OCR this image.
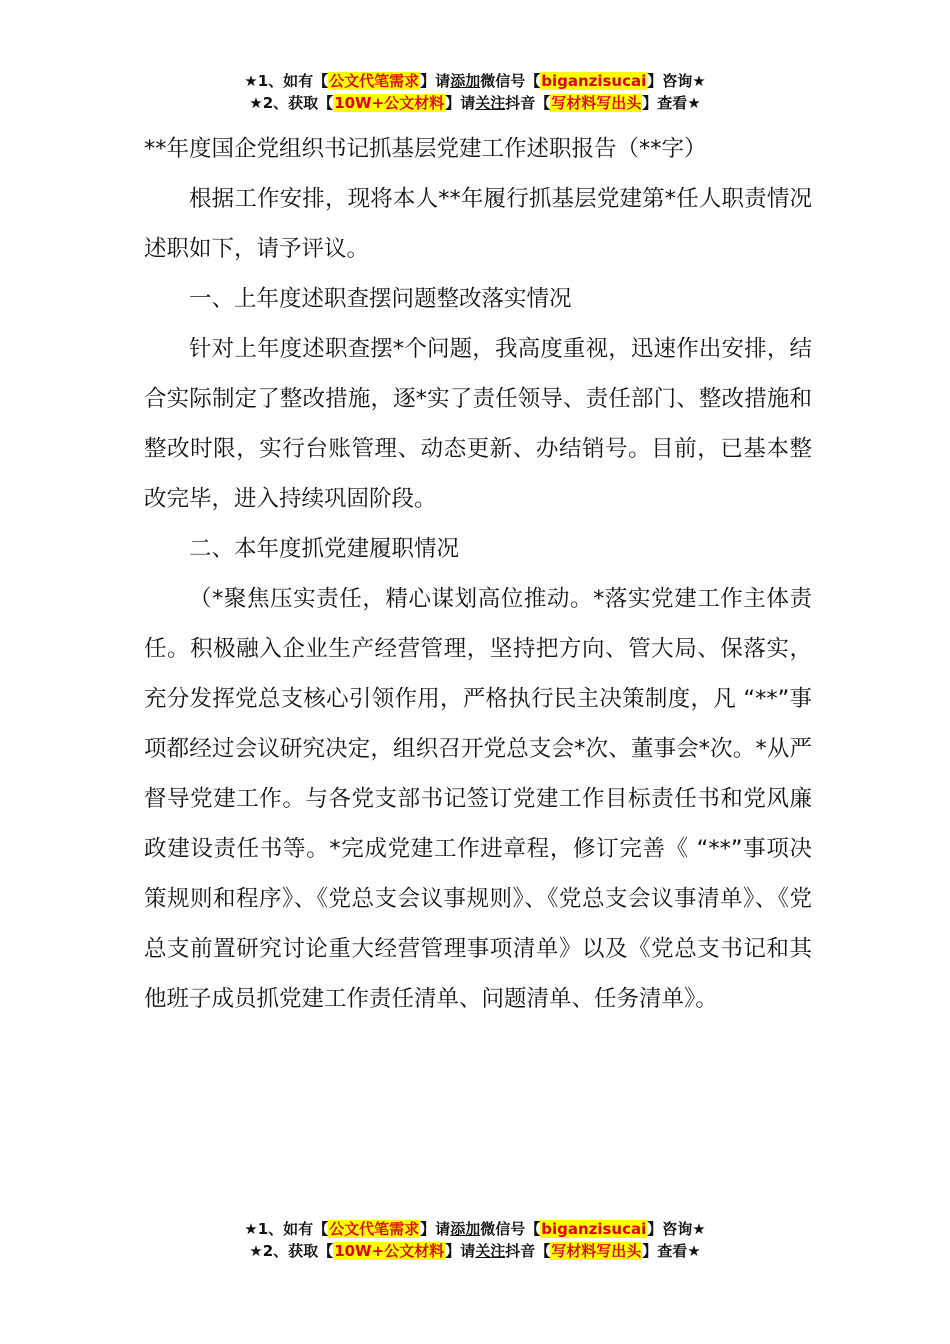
★1、如有【公文代笔需求】请添加微信号【biganzisucai】咨询★
★2、获取【10W+公文材料】请关注抖音【写材料写出头】查看★

**年度国企党组织书记抓基层党建工作述职报告（**字）

根据工作安排，现将本人**年履行抓基层党建第*任人职责情况述职如下，请予评议。

一、上年度述职查摆问题整改落实情况

针对上年度述职查摆*个问题，我高度重视，迅速作出安排，结合实际制定了整改措施，逐*实了责任领导、责任部门、整改措施和整改时限，实行台账管理、动态更新、办结销号。目前，已基本整改完毕，进入持续巩固阶段。

二、本年度抓党建履职情况

（*聚焦压实责任，精心谋划高位推动。*落实党建工作主体责任。积极融入企业生产经营管理，坚持把方向、管大局、保落实，充分发挥党总支核心引领作用，严格执行民主决策制度，凡 “**”事项都经过会议研究决定，组织召开党总支会*次、董事会*次。*从严督导党建工作。与各党支部书记签订党建工作目标责任书和党风廉政建设责任书等。*完成党建工作进章程，修订完善《 “**”事项决策规则和程序》、《党总支会议事规则》、《党总支会议事清单》、《党总支前置研究讨论重大经营管理事项清单》以及《党总支书记和其他班子成员抓党建工作责任清单、问题清单、任务清单》。

★1、如有【公文代笔需求】请添加微信号【biganzisucai】咨询★
★2、获取【10W+公文材料】请关注抖音【写材料写出头】查看★
